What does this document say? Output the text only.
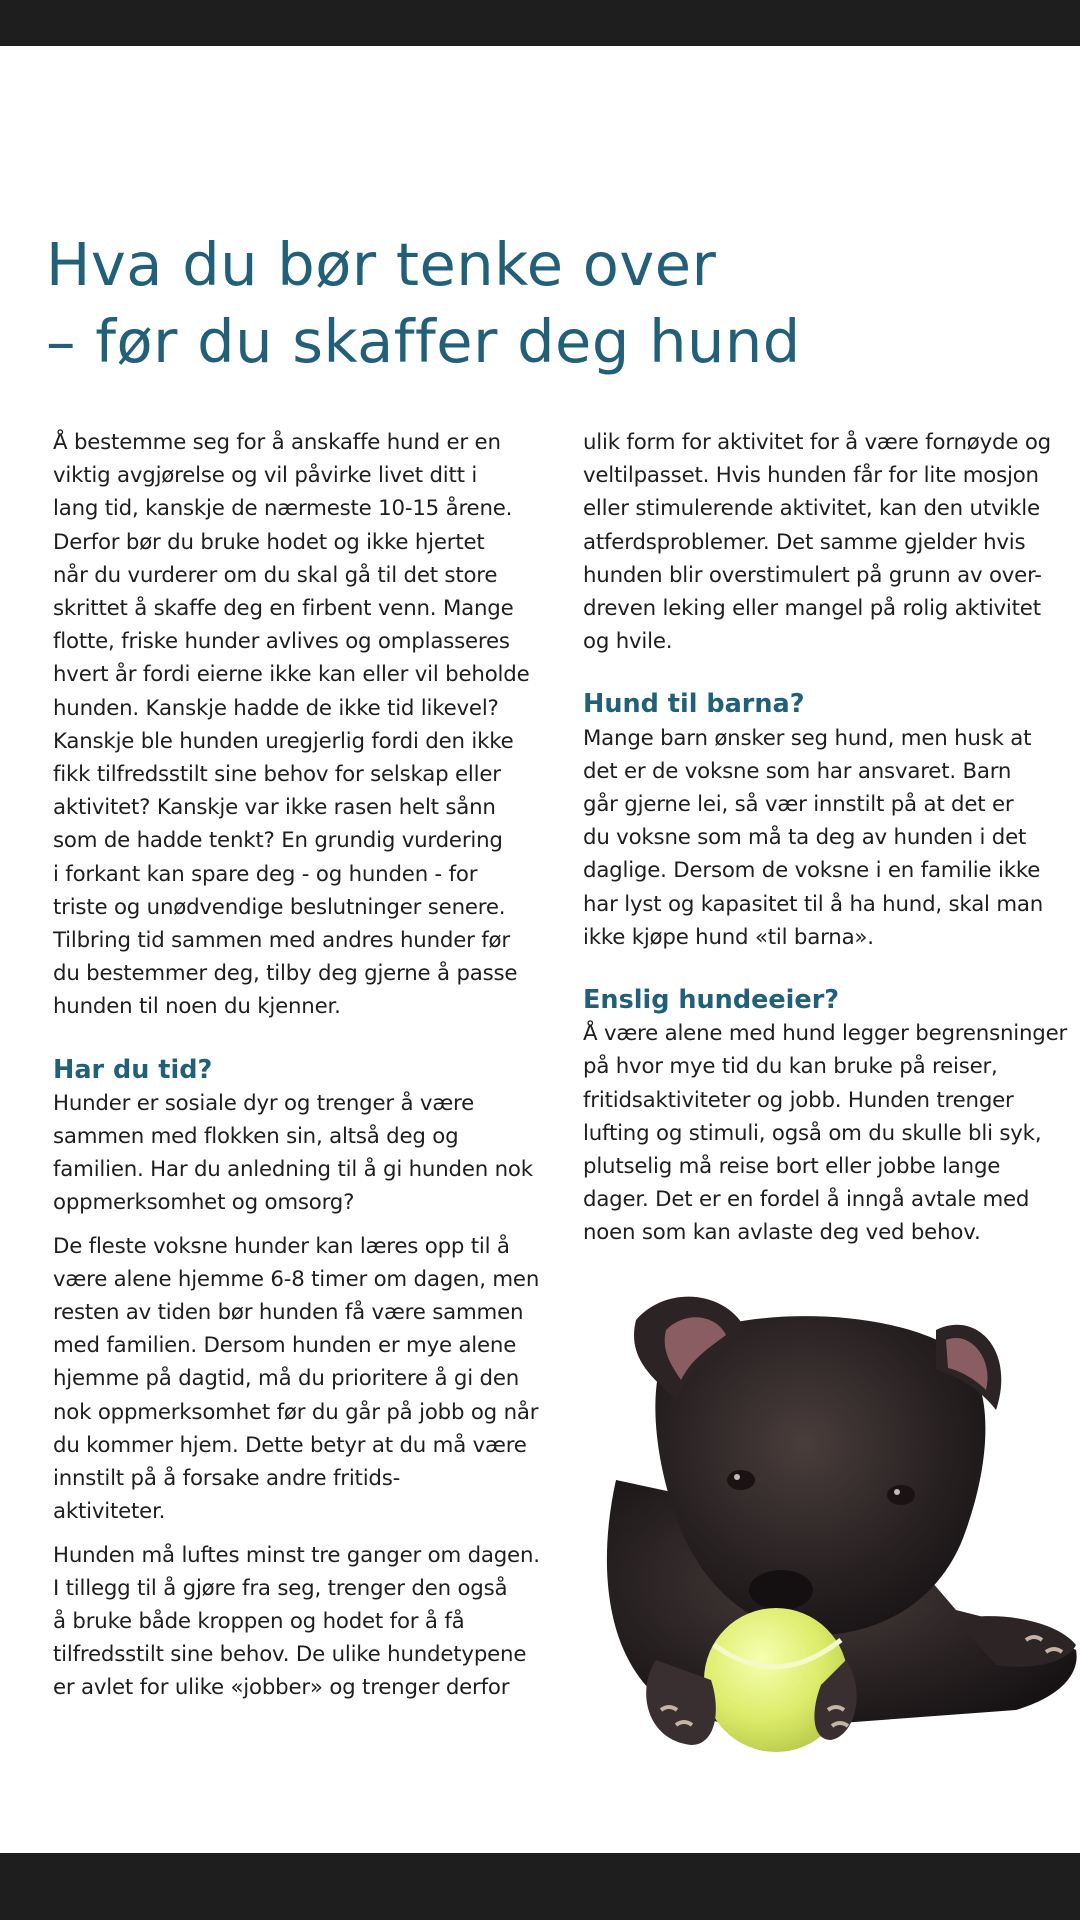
Hva du bør tenke over
– før du skaffer deg hund

Å bestemme seg for å anskaffe hund er en
viktig avgjørelse og vil påvirke livet ditt i
lang tid, kanskje de nærmeste 10-15 årene.
Derfor bør du bruke hodet og ikke hjertet
når du vurderer om du skal gå til det store
skrittet å skaffe deg en firbent venn. Mange
flotte, friske hunder avlives og omplasseres
hvert år fordi eierne ikke kan eller vil beholde
hunden. Kanskje hadde de ikke tid likevel?
Kanskje ble hunden uregjerlig fordi den ikke
fikk tilfredsstilt sine behov for selskap eller
aktivitet? Kanskje var ikke rasen helt sånn
som de hadde tenkt? En grundig vurdering
i forkant kan spare deg - og hunden - for
triste og unødvendige beslutninger senere.
Tilbring tid sammen med andres hunder før
du bestemmer deg, tilby deg gjerne å passe
hunden til noen du kjenner.

Har du tid?

Hunder er sosiale dyr og trenger å være
sammen med flokken sin, altså deg og
familien. Har du anledning til å gi hunden nok
oppmerksomhet og omsorg?

De fleste voksne hunder kan læres opp til å
være alene hjemme 6-8 timer om dagen, men
resten av tiden bør hunden få være sammen
med familien. Dersom hunden er mye alene
hjemme på dagtid, må du prioritere å gi den
nok oppmerksomhet før du går på jobb og når
du kommer hjem. Dette betyr at du må være
innstilt på å forsake andre fritids-
aktiviteter.

Hunden må luftes minst tre ganger om dagen.
I tillegg til å gjøre fra seg, trenger den også
å bruke både kroppen og hodet for å få
tilfredsstilt sine behov. De ulike hundetypene
er avlet for ulike «jobber» og trenger derfor

ulik form for aktivitet for å være fornøyde og
veltilpasset. Hvis hunden får for lite mosjon
eller stimulerende aktivitet, kan den utvikle
atferdsproblemer. Det samme gjelder hvis
hunden blir overstimulert på grunn av over-
dreven leking eller mangel på rolig aktivitet
og hvile.

Hund til barna?

Mange barn ønsker seg hund, men husk at
det er de voksne som har ansvaret. Barn
går gjerne lei, så vær innstilt på at det er
du voksne som må ta deg av hunden i det
daglige. Dersom de voksne i en familie ikke
har lyst og kapasitet til å ha hund, skal man
ikke kjøpe hund «til barna».

Enslig hundeeier?

Å være alene med hund legger begrensninger
på hvor mye tid du kan bruke på reiser,
fritidsaktiviteter og jobb. Hunden trenger
lufting og stimuli, også om du skulle bli syk,
plutselig må reise bort eller jobbe lange
dager. Det er en fordel å inngå avtale med
noen som kan avlaste deg ved behov.
